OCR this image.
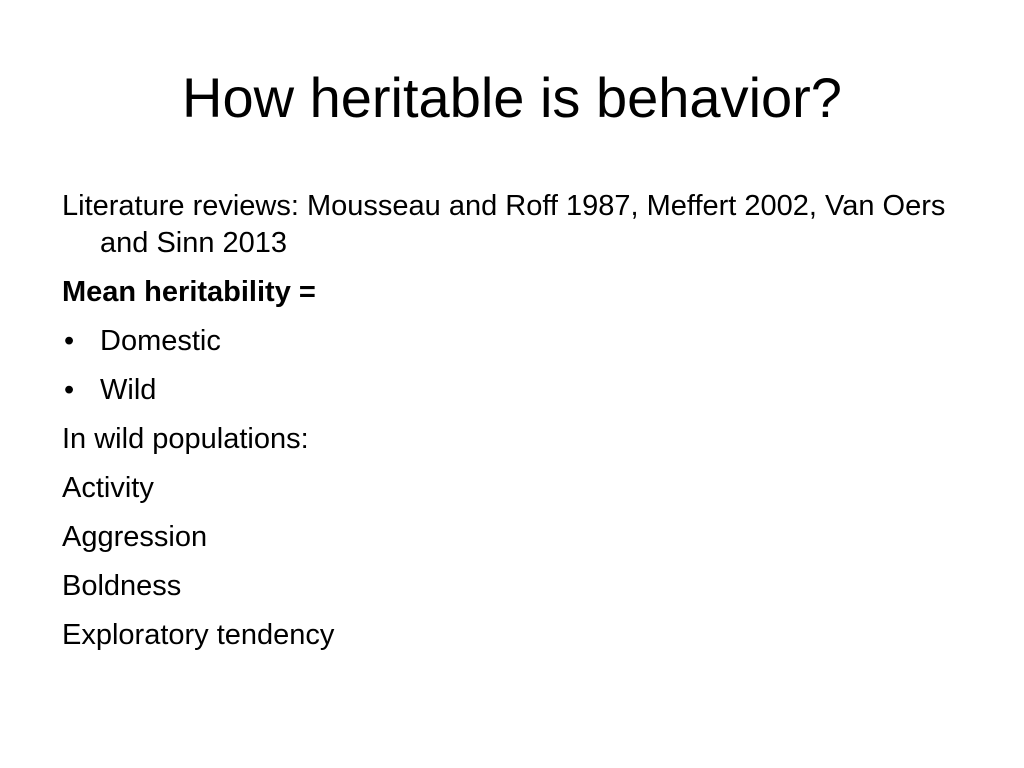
How heritable is behavior?

Literature reviews: Mousseau and Roff 1987, Meffert 2002, Van Oers and Sinn 2013

Mean heritability =

• Domestic
• Wild

In wild populations:

Activity

Aggression

Boldness

Exploratory tendency
